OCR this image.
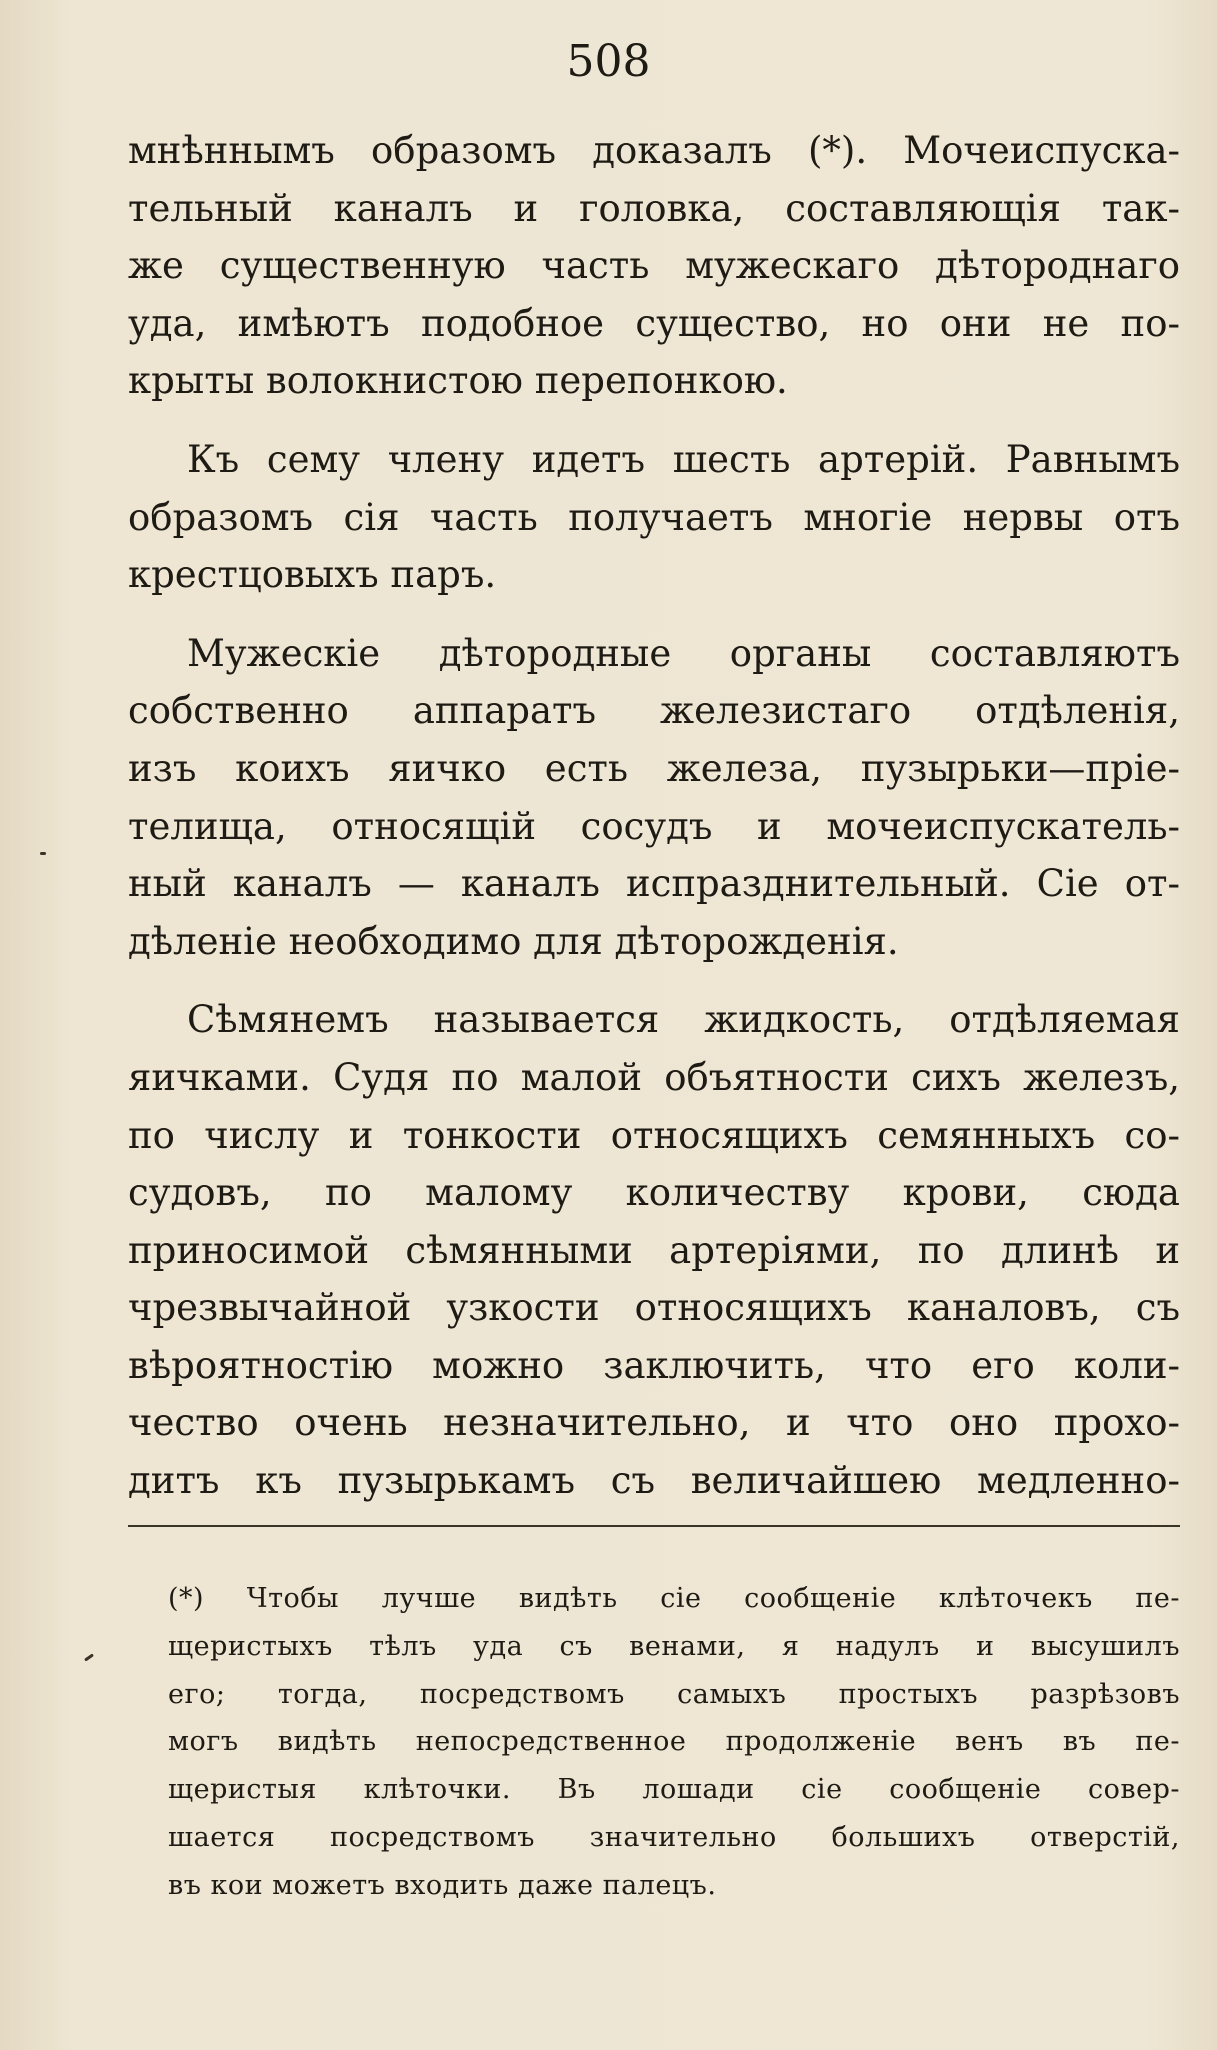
508
мнѣннымъ образомъ доказалъ (*). Мочеиспуска-
тельный каналъ и головка, составляющія так-
же существенную часть мужескаго дѣтороднаго
уда, имѣютъ подобное существо, но они не по-
крыты волокнистою перепонкою.
Къ сему члену идетъ шесть артерій. Равнымъ
образомъ сія часть получаетъ многіе нервы отъ
крестцовыхъ паръ.
Мужескіе дѣтородные органы составляютъ
собственно аппаратъ железистаго отдѣленія,
изъ коихъ яичко есть железа, пузырьки—пріе-
телища, относящій сосудъ и мочеиспускатель-
ный каналъ — каналъ испразднительный. Сіе от-
дѣленіе необходимо для дѣторожденія.
Сѣмянемъ называется жидкость, отдѣляемая
яичками. Судя по малой объятности сихъ железъ,
по числу и тонкости относящихъ семянныхъ со-
судовъ, по малому количеству крови, сюда
приносимой сѣмянными артеріями, по длинѣ и
чрезвычайной узкости относящихъ каналовъ, съ
вѣроятностію можно заключить, что его коли-
чество очень незначительно, и что оно прохо-
дитъ къ пузырькамъ съ величайшею медленно-
(*) Чтобы лучше видѣть сіе сообщеніе клѣточекъ пе-
щеристыхъ тѣлъ уда съ венами, я надулъ и высушилъ
его; тогда, посредствомъ самыхъ простыхъ разрѣзовъ
могъ видѣть непосредственное продолженіе венъ въ пе-
щеристыя клѣточки. Въ лошади сіе сообщеніе совер-
шается посредствомъ значительно большихъ отверстій,
въ кои можетъ входить даже палецъ.
